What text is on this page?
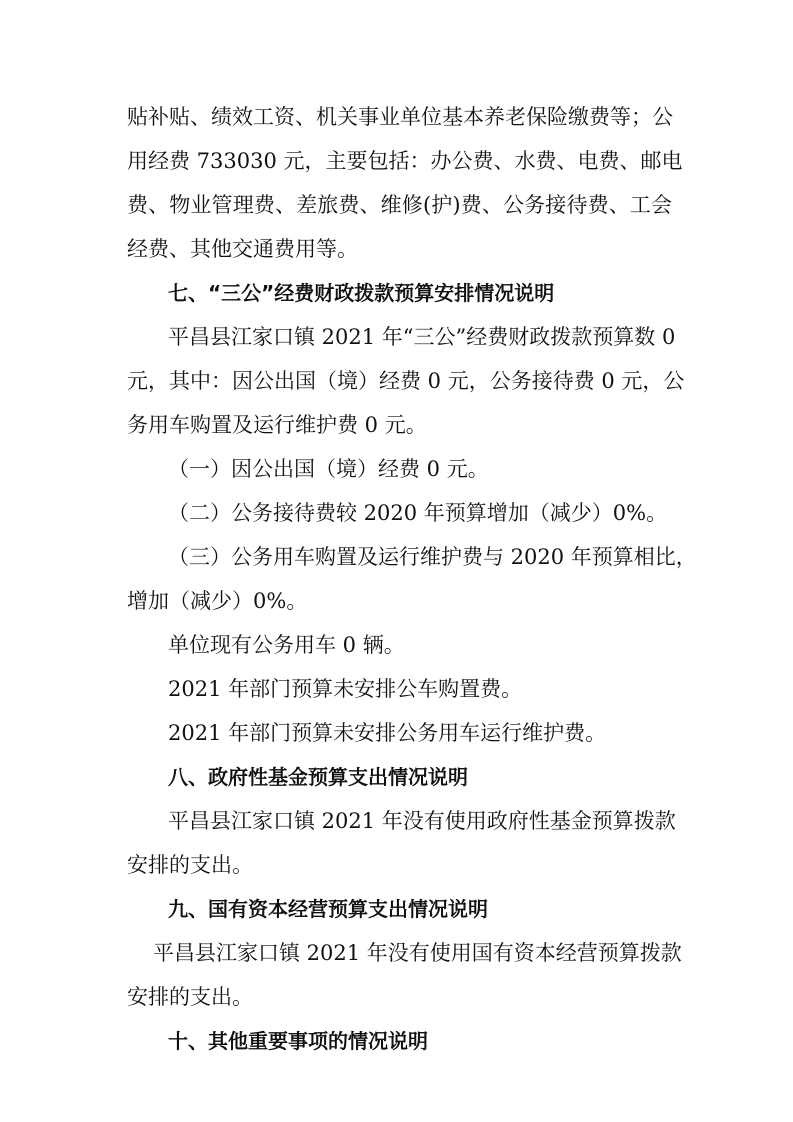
贴补贴、绩效工资、机关事业单位基本养老保险缴费等；公
用经费 733030 元，主要包括：办公费、水费、电费、邮电
费、物业管理费、差旅费、维修(护)费、公务接待费、工会
经费、其他交通费用等。
七、“三公”经费财政拨款预算安排情况说明
平昌县江家口镇 2021 年“三公”经费财政拨款预算数 0
元，其中：因公出国（境）经费 0 元，公务接待费 0 元，公
务用车购置及运行维护费 0 元。
（一）因公出国（境）经费 0 元。
（二）公务接待费较 2020 年预算增加（减少）0%。
（三）公务用车购置及运行维护费与 2020 年预算相比，
增加（减少）0%。
单位现有公务用车 0 辆。
2021 年部门预算未安排公车购置费。
2021 年部门预算未安排公务用车运行维护费。
八、政府性基金预算支出情况说明
平昌县江家口镇 2021 年没有使用政府性基金预算拨款
安排的支出。
九、国有资本经营预算支出情况说明
平昌县江家口镇 2021 年没有使用国有资本经营预算拨款
安排的支出。
十、其他重要事项的情况说明
